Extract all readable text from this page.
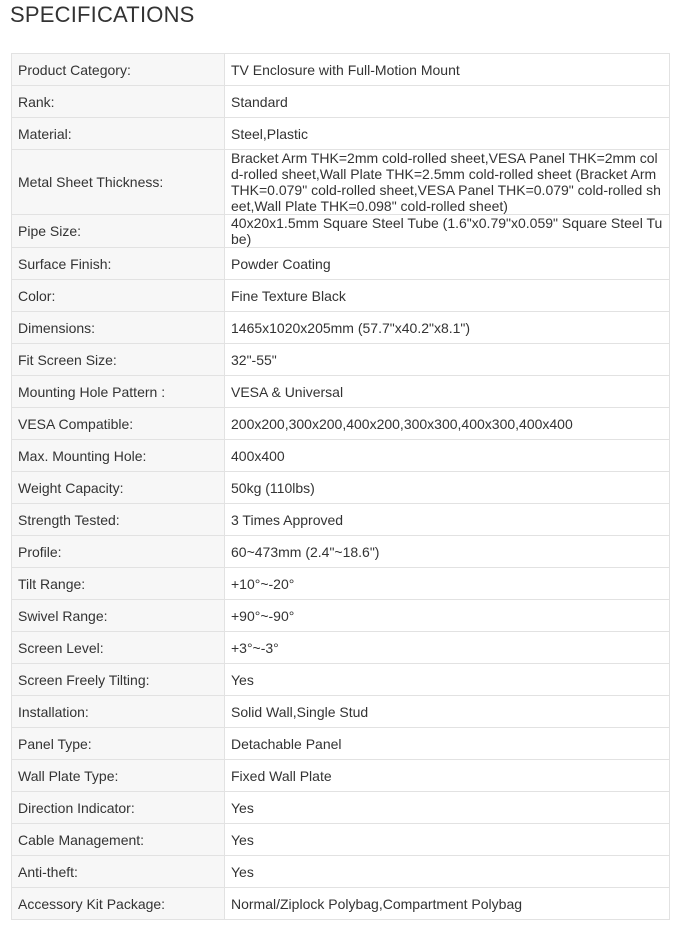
SPECIFICATIONS
Product Category:	TV Enclosure with Full-Motion Mount
Rank:	Standard
Material:	Steel,Plastic
Metal Sheet Thickness:	Bracket Arm THK=2mm cold-rolled sheet,VESA Panel THK=2mm cold-rolled sheet,Wall Plate THK=2.5mm cold-rolled sheet (Bracket Arm THK=0.079" cold-rolled sheet,VESA Panel THK=0.079" cold-rolled sheet,Wall Plate THK=0.098" cold-rolled sheet)
Pipe Size:	40x20x1.5mm Square Steel Tube (1.6"x0.79"x0.059" Square Steel Tube)
Surface Finish:	Powder Coating
Color:	Fine Texture Black
Dimensions:	1465x1020x205mm (57.7"x40.2"x8.1")
Fit Screen Size:	32"-55"
Mounting Hole Pattern :	VESA & Universal
VESA Compatible:	200x200,300x200,400x200,300x300,400x300,400x400
Max. Mounting Hole:	400x400
Weight Capacity:	50kg (110lbs)
Strength Tested:	3 Times Approved
Profile:	60~473mm (2.4"~18.6")
Tilt Range:	+10°~-20°
Swivel Range:	+90°~-90°
Screen Level:	+3°~-3°
Screen Freely Tilting:	Yes
Installation:	Solid Wall,Single Stud
Panel Type:	Detachable Panel
Wall Plate Type:	Fixed Wall Plate
Direction Indicator:	Yes
Cable Management:	Yes
Anti-theft:	Yes
Accessory Kit Package:	Normal/Ziplock Polybag,Compartment Polybag
